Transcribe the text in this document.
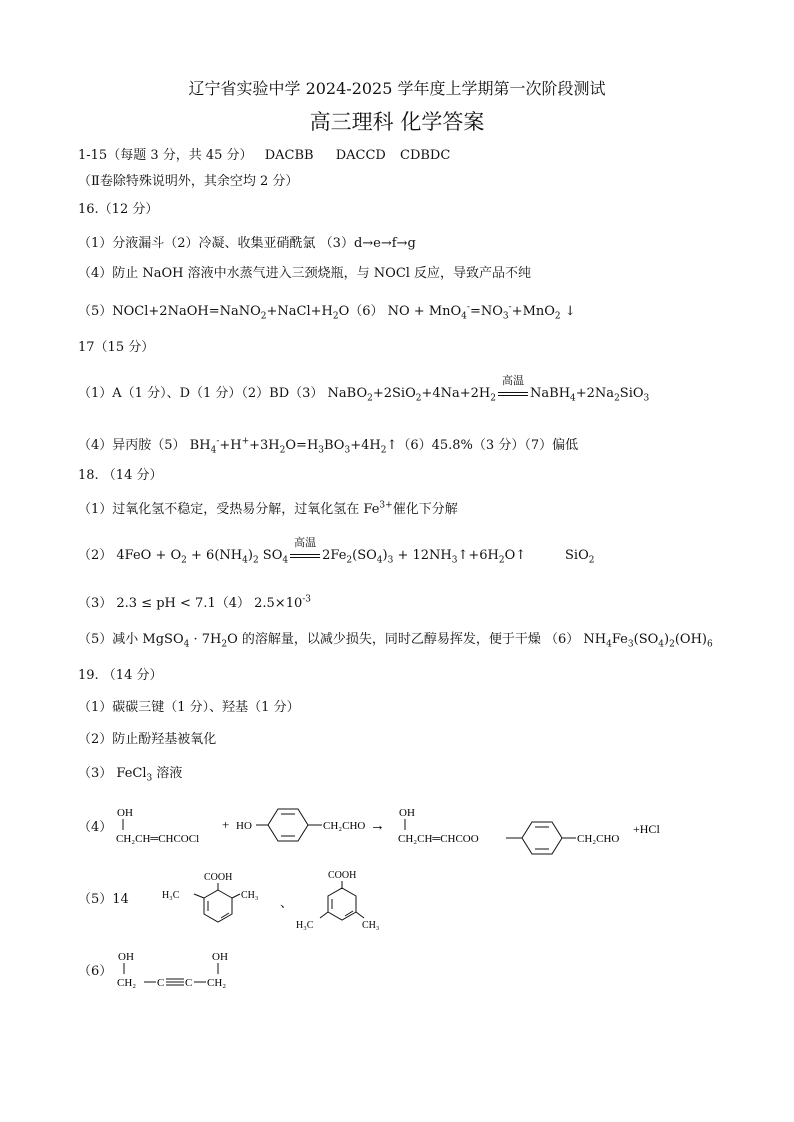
辽宁省实验中学 2024-2025 学年度上学期第一次阶段测试
高三理科 化学答案
1-15（每题 3 分，共 45 分） DACBB DACCD CDBDC
（Ⅱ卷除特殊说明外，其余空均 2 分）
16.（12 分）
（1）分液漏斗（2）冷凝、收集亚硝酰氯 （3）d→e→f→g
（4）防止 NaOH 溶液中水蒸气进入三颈烧瓶，与 NOCl 反应，导致产品不纯
$(5)NOCl+2NaOH=NaNO_2+NaCl+H_2O(6)$ NO + $MnO_4^-=NO_3^-+MnO_2$ ↓
17（15 分）
（1）A（1 分）、D（1 分）（2）BD（3） $NaBO_2+2SiO_2+4Na+2H_2$
高温
$NaBH_4+2Na_2SiO_3$
（4）异丙胺（5） $BH_4^-+H^++3H_2O=H_3BO_3+4H_2↑(6)45.8\%(3$ 分）（7）偏低
18. （14 分）
（1）过氧化氢不稳定，受热易分解，过氧化氢在 $Fe^{3+}$催化下分解
（2） $4FeO + O_2 + 6(NH_4)_2$ $SO_4$
高温
$2Fe_2(SO_4)_3$ + $12NH_3↑+6H_2O↑$	SiO$_2$
（3） 2.3 ≤ pH < 7.1（4） $2.5\times 10^{-3}$
（5）减小 MgSO$_4$ · $7H_2O$ 的溶解量，以减少损失，同时乙醇易挥发，便于干燥 （6） $NH_4Fe_3(SO_4)_2(OH)_6$
19. （14 分）
（1）碳碳三键（1 分）、羟基（1 分）
（2）防止酚羟基被氧化
（3） FeCl$_3$ 溶液
（4）
OH
CH₂CH═CHCOCl
+ HO	CH₂CHO →
OH
CH₂CH═CHCOO	CH₂CHO
+HCl
（5）14
COOH
H₃C	CH₃
COOH
H₃C	CH₃
、
（6）
OH
CH₂ C C
OH
CH₂
